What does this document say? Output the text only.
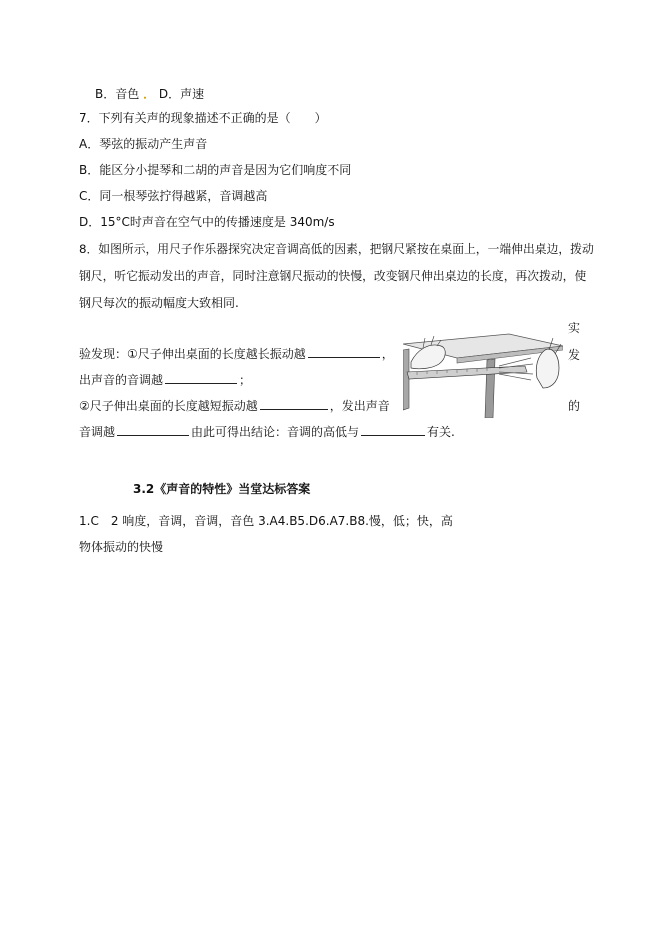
B．音色 ． D．声速
7．下列有关声的现象描述不正确的是（　　）
A．琴弦的振动产生声音
B．能区分小提琴和二胡的声音是因为它们响度不同
C．同一根琴弦拧得越紧，音调越高
D．15°C时声音在空气中的传播速度是 340m/s
8．如图所示，用尺子作乐器探究决定音调高低的因素，把钢尺紧按在桌面上，一端伸出桌边，拨动
钢尺，听它振动发出的声音，同时注意钢尺振动的快慢，改变钢尺伸出桌边的长度，再次拨动，使
钢尺每次的振动幅度大致相同.
实
发
的
验发现：①尺子伸出桌面的长度越长振动越	，
出声音的音调越	；
②尺子伸出桌面的长度越短振动越	，发出声音
音调越	由此可得出结论：音调的高低与	有关.
3.2《声音的特性》当堂达标答案
1.C　2 响度，音调，音调，音色 3.A4.B5.D6.A7.B8.慢，低；快，高
物体振动的快慢
